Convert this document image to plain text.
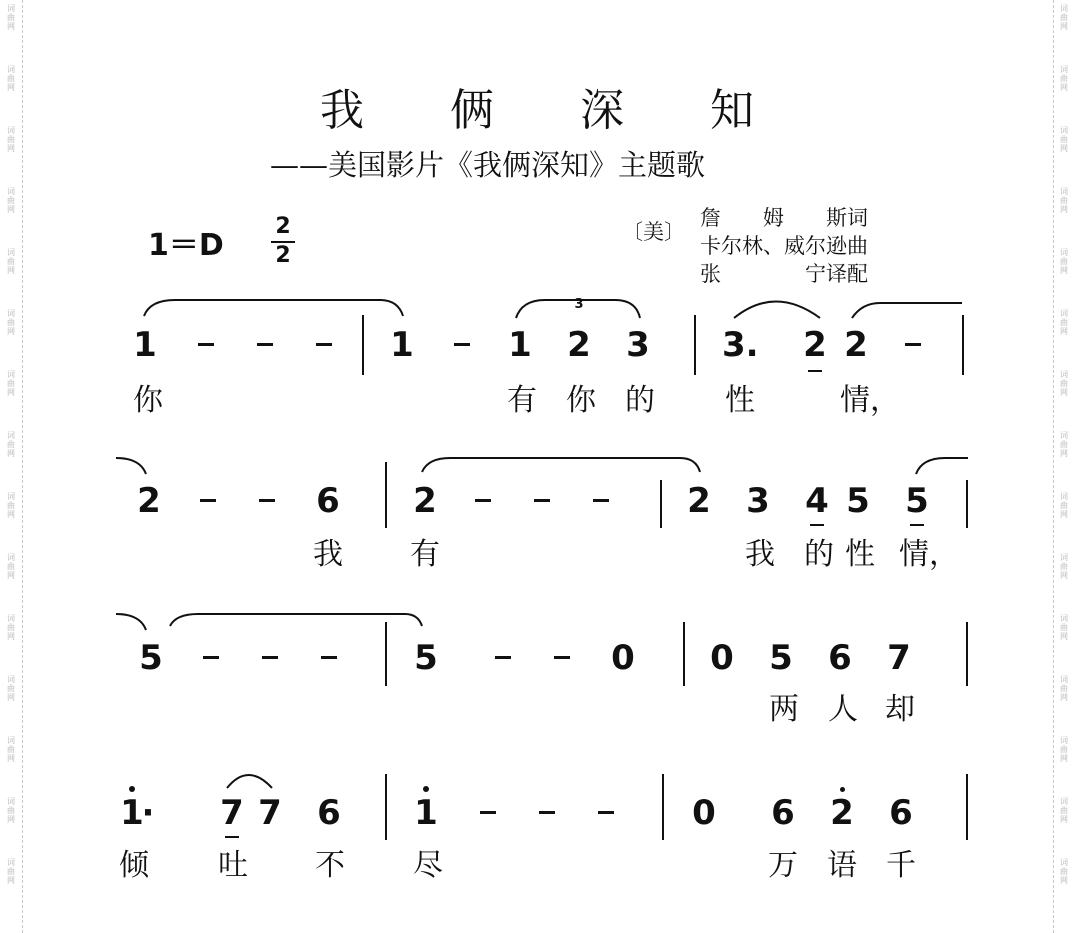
词
曲
网
词
曲
网
词
曲
网
词
曲
网
词
曲
网
词
曲
网
词
曲
网
词
曲
网
词
曲
网
词
曲
网
词
曲
网
词
曲
网
词
曲
网
词
曲
网
词
曲
网
词
曲
网
词
曲
网
词
曲
网
词
曲
网
词
曲
网
词
曲
网
词
曲
网
词
曲
网
词
曲
网
词
曲
网
词
曲
网
词
曲
网
词
曲
网
词
曲
网
词
曲
网
我 俩 深 知
——美国影片《我俩深知》主题歌
1＝D
2
2
〔美〕
詹　　姆　　斯词
卡尔林、威尔逊曲
张　　　　宁译配
1	1	1 2 3
3
3. 2 2
你	有 你 的 性	情，
2	6 2	2 3 4 5 5
我 有	我 的 性 情，
5	5	0 0 5 6 7
两 人 却
1
· 7 7 6 1	0 6 2 6
倾 吐 不 尽	万 语 千
